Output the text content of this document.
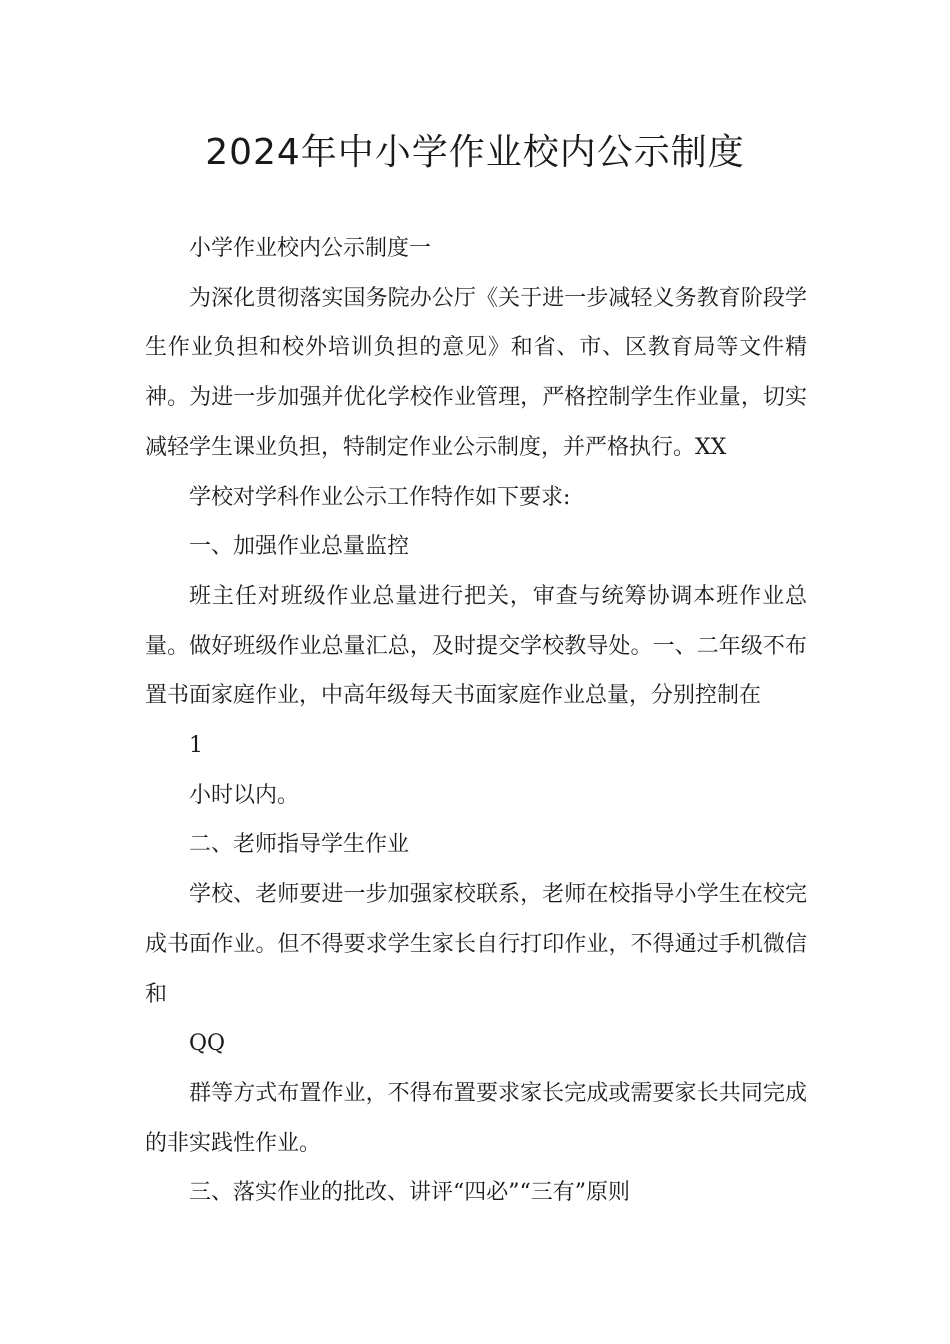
2024年中小学作业校内公示制度

小学作业校内公示制度一

为深化贯彻落实国务院办公厅《关于进一步减轻义务教育阶段学生作业负担和校外培训负担的意见》和省、市、区教育局等文件精神。为进一步加强并优化学校作业管理，严格控制学生作业量，切实减轻学生课业负担，特制定作业公示制度，并严格执行。XX

学校对学科作业公示工作特作如下要求:

一、加强作业总量监控

班主任对班级作业总量进行把关，审查与统筹协调本班作业总量。做好班级作业总量汇总，及时提交学校教导处。一、二年级不布置书面家庭作业，中高年级每天书面家庭作业总量，分别控制在

1

小时以内。

二、老师指导学生作业

学校、老师要进一步加强家校联系，老师在校指导小学生在校完成书面作业。但不得要求学生家长自行打印作业，不得通过手机微信和

QQ

群等方式布置作业，不得布置要求家长完成或需要家长共同完成的非实践性作业。

三、落实作业的批改、讲评“四必”“三有”原则
